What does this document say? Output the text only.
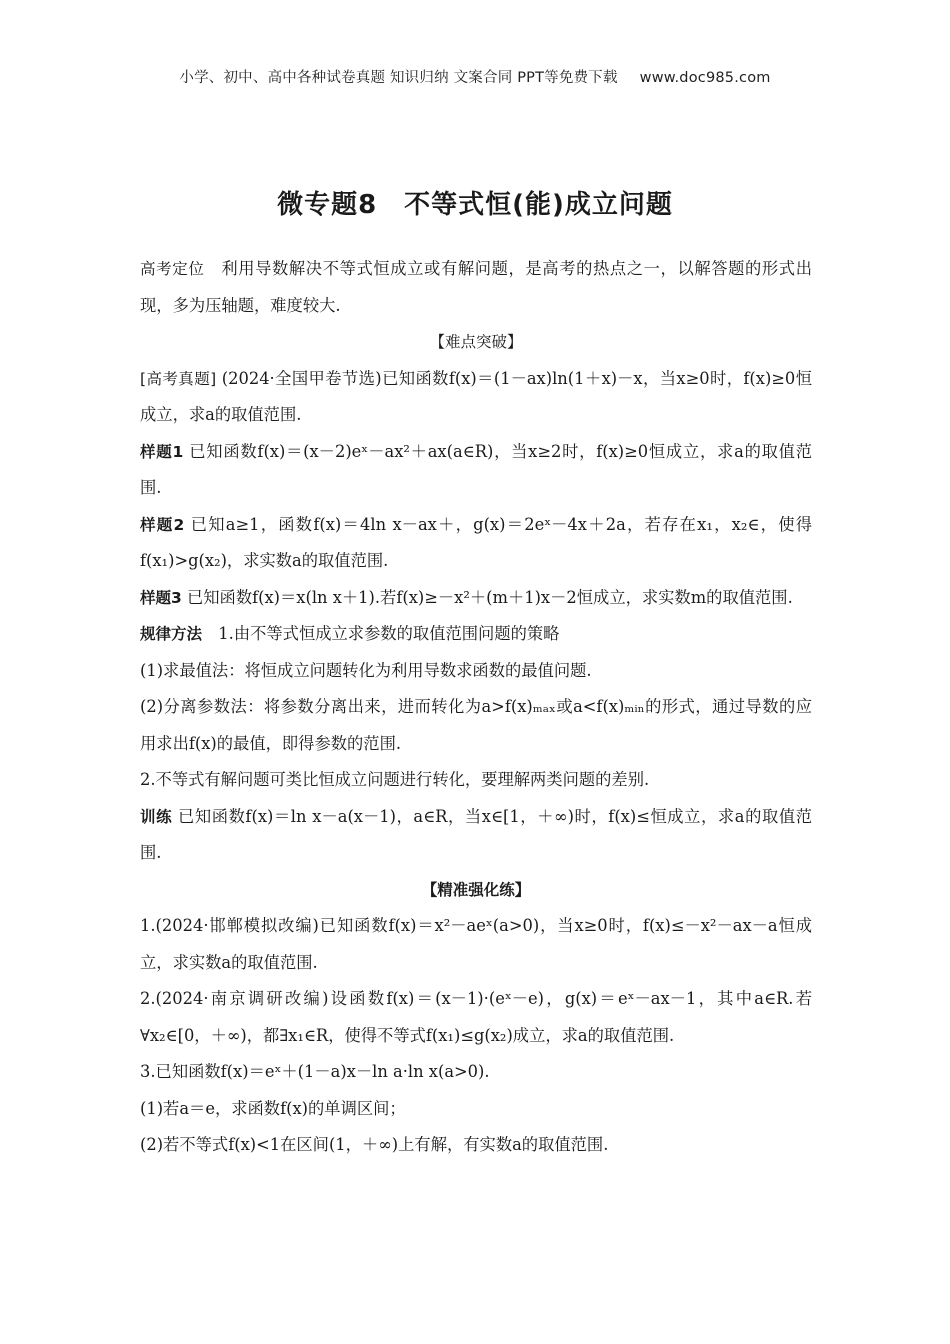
小学、初中、高中各种试卷真题 知识归纳 文案合同 PPT等免费下载 www.doc985.com
微专题8　不等式恒(能)成立问题

高考定位　利用导数解决不等式恒成立或有解问题，是高考的热点之一，以解答题的形式出现，多为压轴题，难度较大.

【难点突破】

[高考真题] (2024·全国甲卷节选)已知函数f(x)＝(1－ax)ln(1＋x)－x，当x≥0时，f(x)≥0恒成立，求a的取值范围.

样题1 已知函数f(x)＝(x－2)eˣ－ax²＋ax(a∈R)，当x≥2时，f(x)≥0恒成立，求a的取值范围.

样题2 已知a≥1，函数f(x)＝4ln x－ax＋，g(x)＝2eˣ－4x＋2a，若存在x₁，x₂∈，使得f(x₁)>g(x₂)，求实数a的取值范围.

样题3 已知函数f(x)＝x(ln x＋1).若f(x)≥－x²＋(m＋1)x－2恒成立，求实数m的取值范围.

规律方法　1.由不等式恒成立求参数的取值范围问题的策略

(1)求最值法：将恒成立问题转化为利用导数求函数的最值问题.

(2)分离参数法：将参数分离出来，进而转化为a>f(x)ₘₐₓ或a<f(x)ₘᵢₙ的形式，通过导数的应用求出f(x)的最值，即得参数的范围.

2.不等式有解问题可类比恒成立问题进行转化，要理解两类问题的差别.

训练 已知函数f(x)＝ln x－a(x－1)，a∈R，当x∈[1，＋∞)时，f(x)≤恒成立，求a的取值范围.

【精准强化练】

1.(2024·邯郸模拟改编)已知函数f(x)＝x²－aeˣ(a>0)，当x≥0时，f(x)≤－x²－ax－a恒成立，求实数a的取值范围.

2.(2024·南京调研改编)设函数f(x)＝(x－1)·(eˣ－e)，g(x)＝eˣ－ax－1，其中a∈R.若∀x₂∈[0，＋∞)，都∃x₁∈R，使得不等式f(x₁)≤g(x₂)成立，求a的取值范围.

3.已知函数f(x)＝eˣ＋(1－a)x－ln a·ln x(a>0).

(1)若a＝e，求函数f(x)的单调区间；

(2)若不等式f(x)<1在区间(1，＋∞)上有解，有实数a的取值范围.
